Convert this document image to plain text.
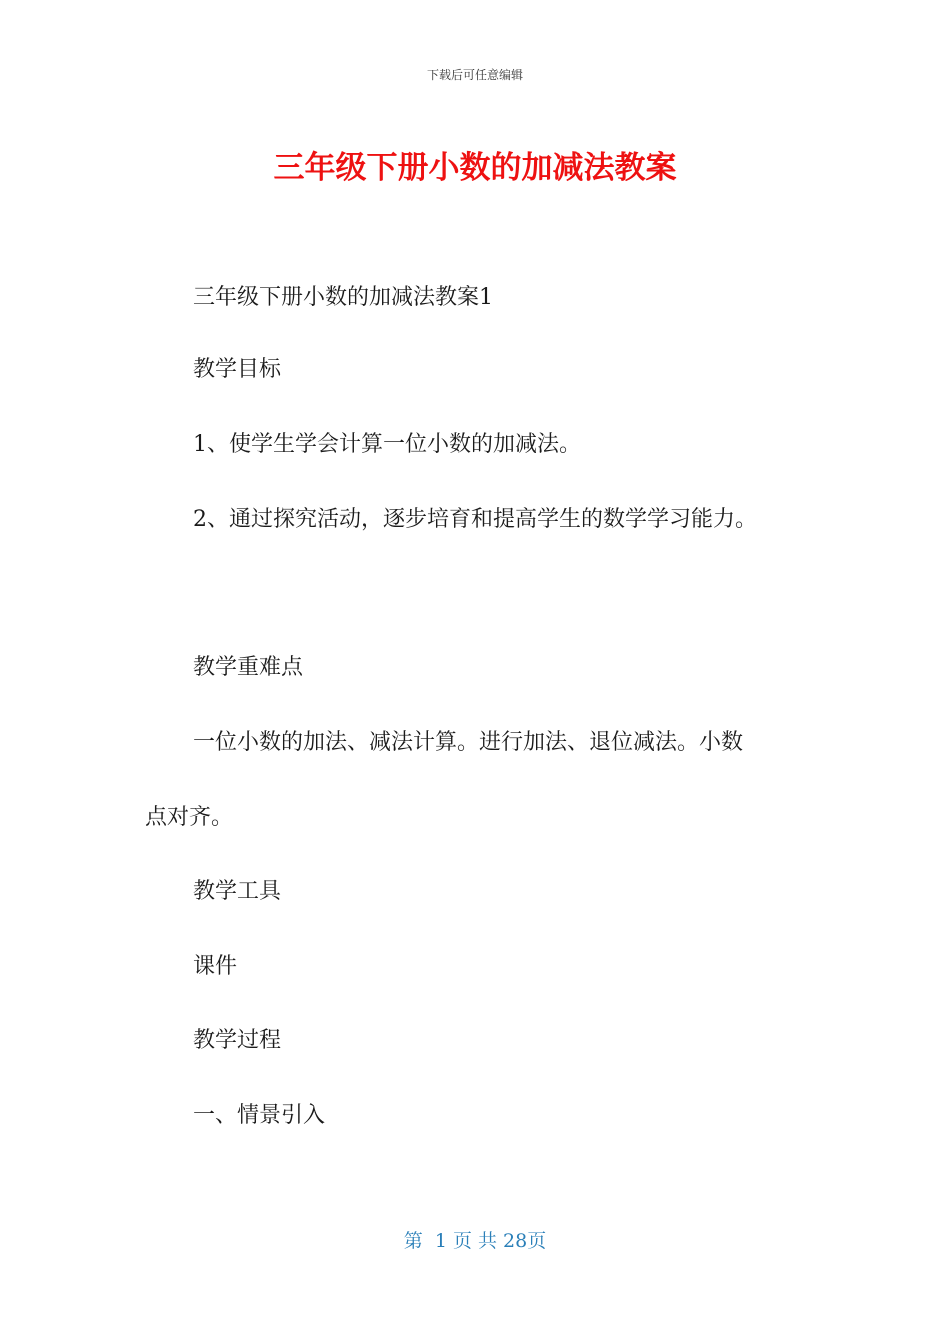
下载后可任意编辑
三年级下册小数的加减法教案
三年级下册小数的加减法教案1
教学目标
1、使学生学会计算一位小数的加减法。
2、通过探究活动，逐步培育和提高学生的数学学习能力。
教学重难点
一位小数的加法、减法计算。进行加法、退位减法。小数
点对齐。
教学工具
课件
教学过程
一、情景引入
第  1 页 共 28页
